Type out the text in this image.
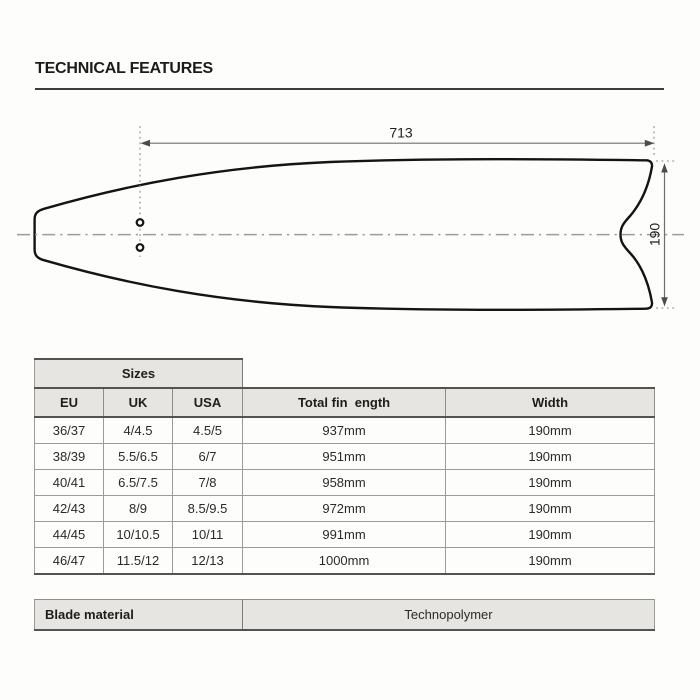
TECHNICAL FEATURES
713
190
Sizes				
EU	UK	USA	Total fin  ength	Width
36/37	4/4.5	4.5/5	937mm	190mm
38/39	5.5/6.5	6/7	951mm	190mm
40/41	6.5/7.5	7/8	958mm	190mm
42/43	8/9	8.5/9.5	972mm	190mm
44/45	10/10.5	10/11	991mm	190mm
46/47	11.5/12	12/13	1000mm	190mm
Blade material	Technopolymer
